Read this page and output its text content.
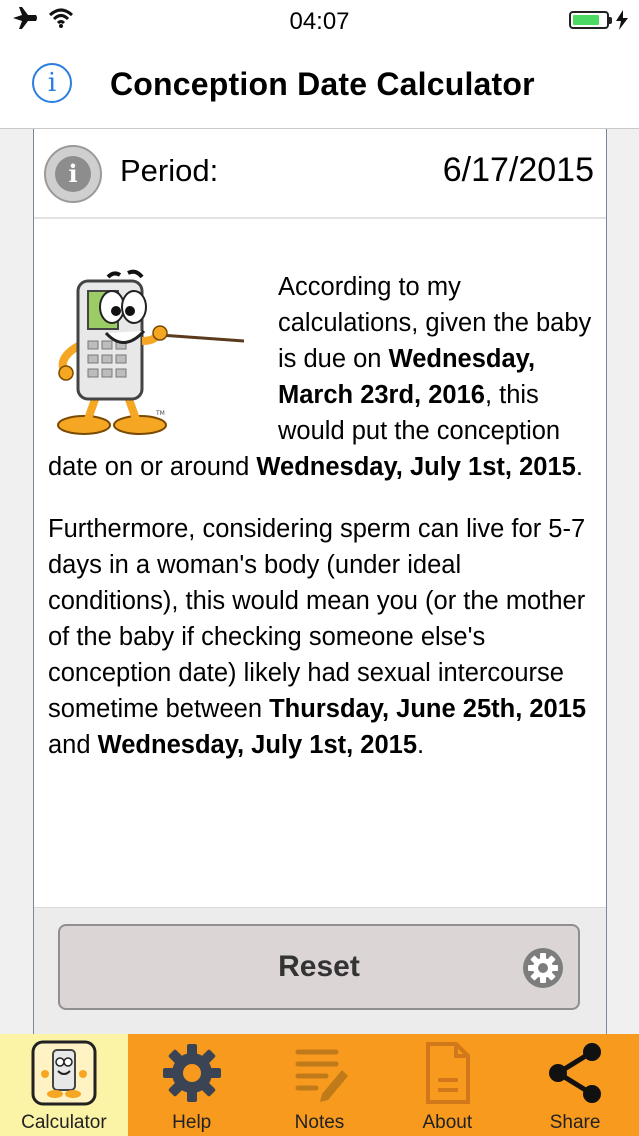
04:07
i	Conception Date Calculator
i	Period:	6/17/2015
TM

According to my calculations, given the baby is due on Wednesday, March 23rd, 2016, this would put the conception date on or around Wednesday, July 1st, 2015.

Furthermore, considering sperm can live for 5-7 days in a woman's body (under ideal conditions), this would mean you (or the mother of the baby if checking someone else's conception date) likely had sexual intercourse sometime between Thursday, June 25th, 2015 and Wednesday, July 1st, 2015.

Reset
Calculator	Help	Notes	About	Share
